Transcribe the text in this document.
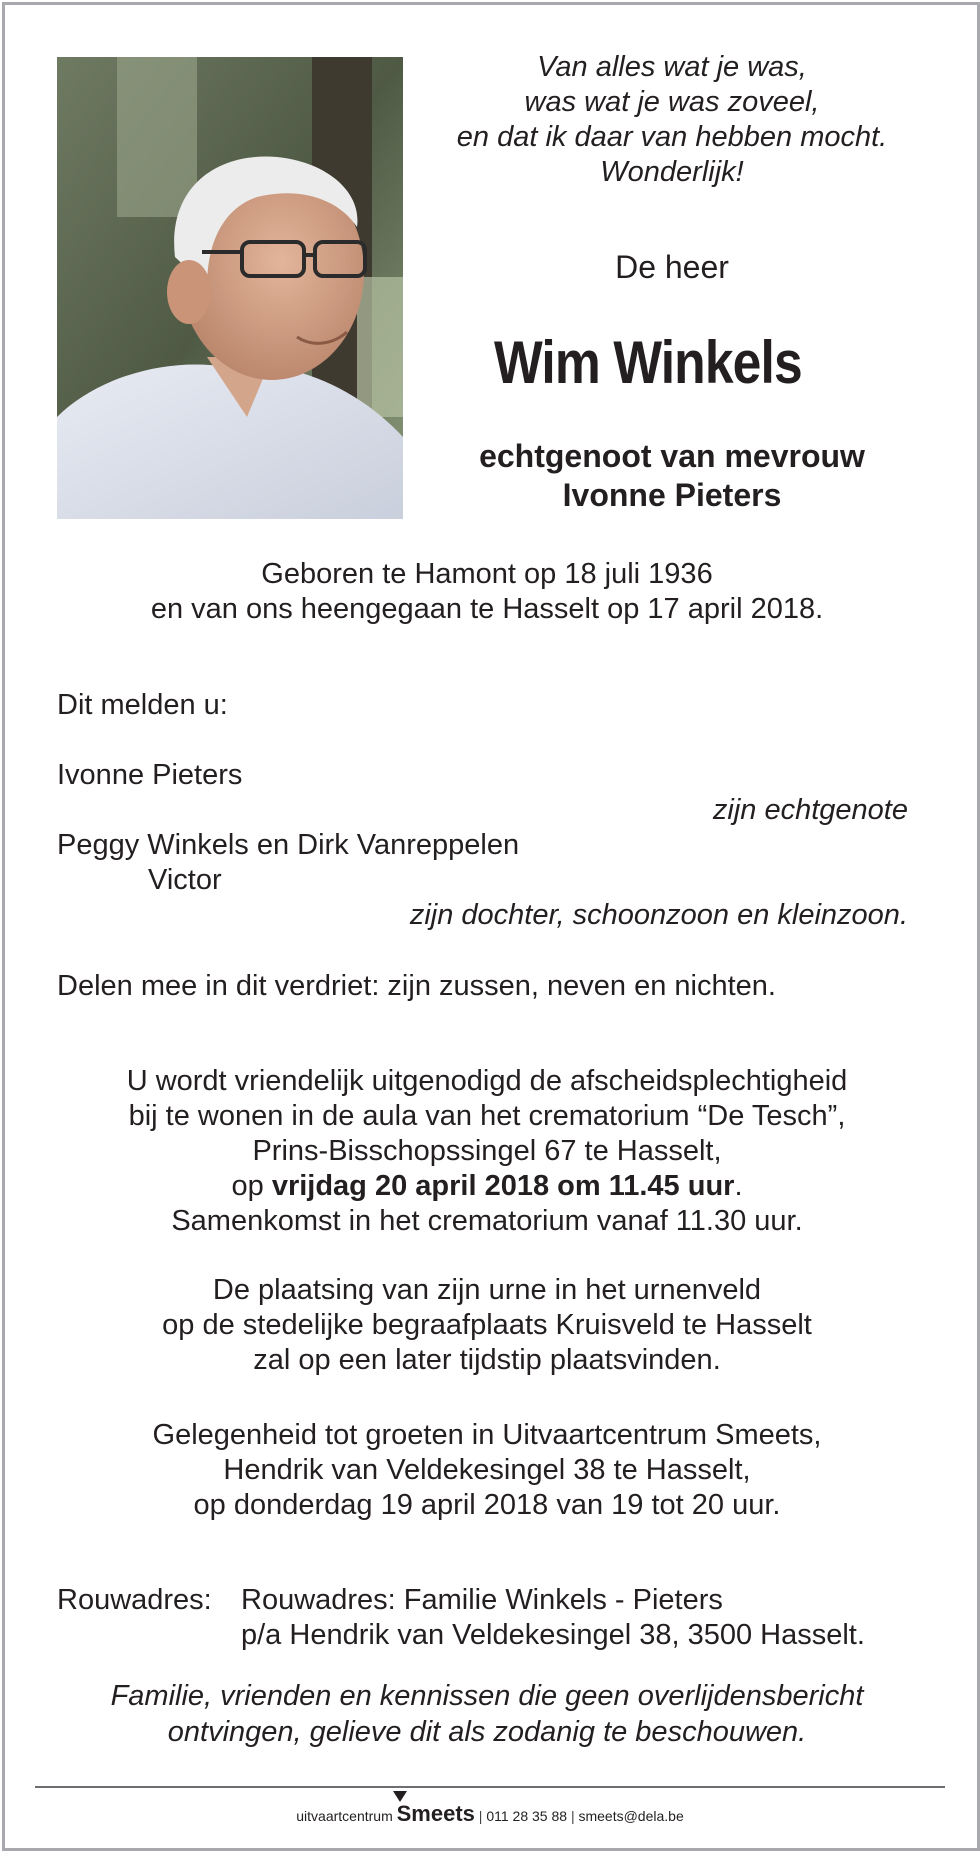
Van alles wat je was,
was wat je was zoveel,
en dat ik daar van hebben mocht.
Wonderlijk!
De heer
Wim Winkels
echtgenoot van mevrouw
Ivonne Pieters
Geboren te Hamont op 18 juli 1936
en van ons heengegaan te Hasselt op 17 april 2018.
Dit melden u:
Ivonne Pieters
zijn echtgenote
Peggy Winkels en Dirk Vanreppelen
Victor
zijn dochter, schoonzoon en kleinzoon.
Delen mee in dit verdriet: zijn zussen, neven en nichten.
U wordt vriendelijk uitgenodigd de afscheidsplechtigheid
bij te wonen in de aula van het crematorium “De Tesch”,
Prins-Bisschopssingel 67 te Hasselt,
op vrijdag 20 april 2018 om 11.45 uur.
Samenkomst in het crematorium vanaf 11.30 uur.
De plaatsing van zijn urne in het urnenveld
op de stedelijke begraafplaats Kruisveld te Hasselt
zal op een later tijdstip plaatsvinden.
Gelegenheid tot groeten in Uitvaartcentrum Smeets,
Hendrik van Veldekesingel 38 te Hasselt,
op donderdag 19 april 2018 van 19 tot 20 uur.
Rouwadres: Rouwadres: Familie Winkels - Pieters
p/a Hendrik van Veldekesingel 38, 3500 Hasselt.
Familie, vrienden en kennissen die geen overlijdensbericht
ontvingen, gelieve dit als zodanig te beschouwen.
uitvaartcentrum Smeets | 011 28 35 88 | smeets@dela.be
